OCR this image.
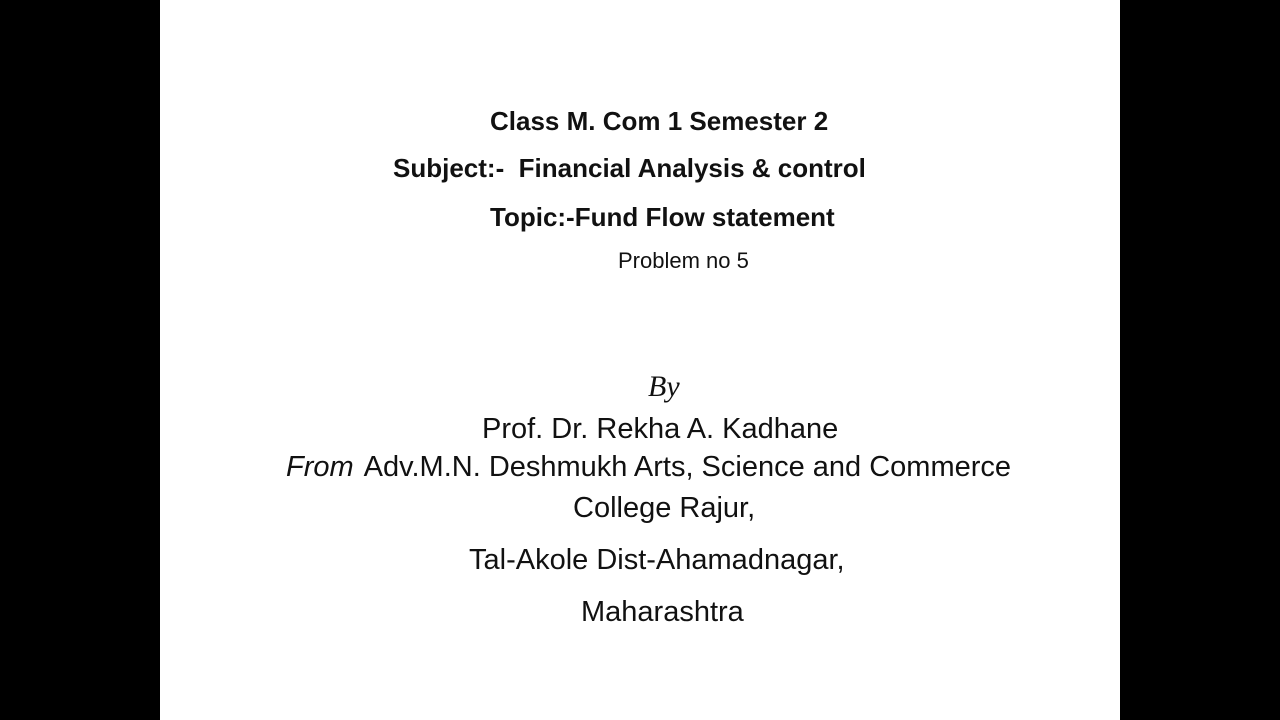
Class M. Com 1 Semester 2
Subject:-  Financial Analysis & control
Topic:-Fund Flow statement
Problem no 5
By
Prof. Dr. Rekha A. Kadhane
From Adv.M.N. Deshmukh Arts, Science and Commerce
College Rajur,
Tal-Akole Dist-Ahamadnagar,
Maharashtra
